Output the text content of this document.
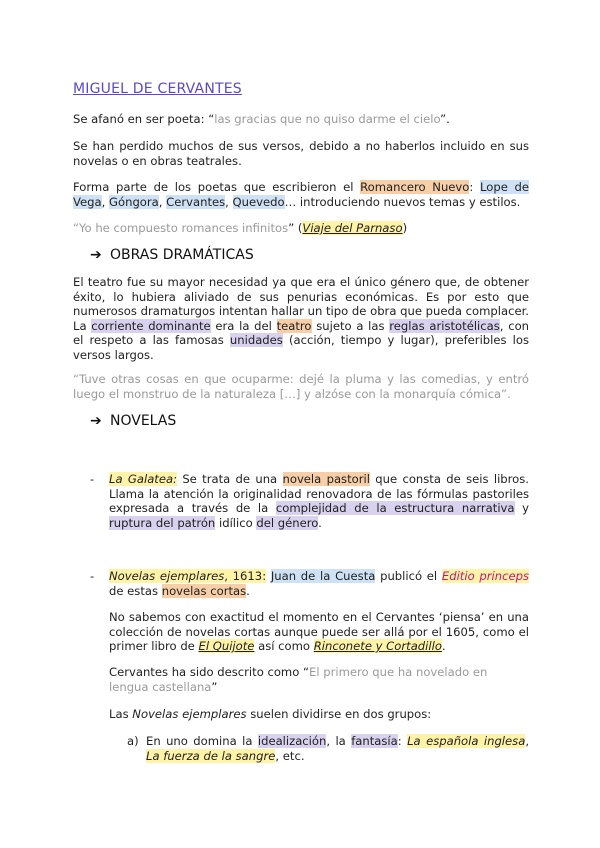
MIGUEL DE CERVANTES

Se afanó en ser poeta: “las gracias que no quiso darme el cielo”.

Se han perdido muchos de sus versos, debido a no haberlos incluido en sus novelas o en obras teatrales.

Forma parte de los poetas que escribieron el Romancero Nuevo: Lope de Vega, Góngora, Cervantes, Quevedo… introduciendo nuevos temas y estilos.

“Yo he compuesto romances infinitos” (Viaje del Parnaso)

➔ OBRAS DRAMÁTICAS

El teatro fue su mayor necesidad ya que era el único género que, de obtener éxito, lo hubiera aliviado de sus penurias económicas. Es por esto que numerosos dramaturgos intentan hallar un tipo de obra que pueda complacer. La corriente dominante era la del teatro sujeto a las reglas aristotélicas, con el respeto a las famosas unidades (acción, tiempo y lugar), preferibles los versos largos.

“Tuve otras cosas en que ocuparme: dejé la pluma y las comedias, y entró luego el monstruo de la naturaleza […] y alzóse con la monarquía cómica”.

➔ NOVELAS
- La Galatea: Se trata de una novela pastoril que consta de seis libros. Llama la atención la originalidad renovadora de las fórmulas pastoriles expresada a través de la complejidad de la estructura narrativa y ruptura del patrón idílico del género.

- Novelas ejemplares, 1613: Juan de la Cuesta publicó el Editio princeps de estas novelas cortas.

No sabemos con exactitud el momento en el Cervantes ‘piensa’ en una colección de novelas cortas aunque puede ser allá por el 1605, como el primer libro de El Quijote así como Rinconete y Cortadillo.

Cervantes ha sido descrito como “El primero que ha novelado en lengua castellana”

Las Novelas ejemplares suelen dividirse en dos grupos:

a) En uno domina la idealización, la fantasía: La española inglesa, La fuerza de la sangre, etc.
